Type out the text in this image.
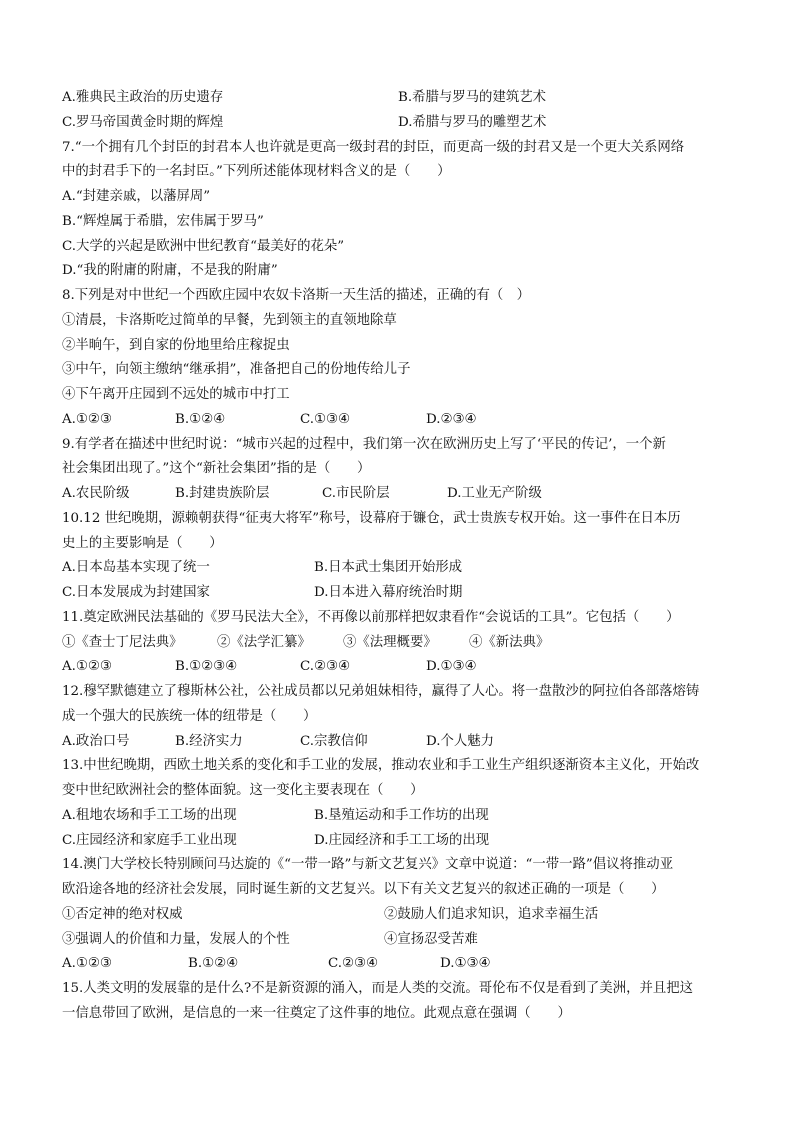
A.雅典民主政治的历史遗存	B.希腊与罗马的建筑艺术
C.罗马帝国黄金时期的辉煌	D.希腊与罗马的雕塑艺术
7.“一个拥有几个封臣的封君本人也许就是更高一级封君的封臣，而更高一级的封君又是一个更大关系网络
中的封君手下的一名封臣。”下列所述能体现材料含义的是（　　）
A.“封建亲戚，以藩屏周”
B.“辉煌属于希腊，宏伟属于罗马”
C.大学的兴起是欧洲中世纪教育“最美好的花朵”
D.“我的附庸的附庸，不是我的附庸”
8.下列是对中世纪一个西欧庄园中农奴卡洛斯一天生活的描述，正确的有（　）
①清晨，卡洛斯吃过简单的早餐，先到领主的直领地除草
②半晌午，到自家的份地里给庄稼捉虫
③中午，向领主缴纳“继承捐”，准备把自己的份地传给儿子
④下午离开庄园到不远处的城市中打工
A.①②③	B.①②④	C.①③④	D.②③④
9.有学者在描述中世纪时说：“城市兴起的过程中，我们第一次在欧洲历史上写了‘平民的传记’，一个新
社会集团出现了。”这个“新社会集团”指的是（　　）
A.农民阶级	B.封建贵族阶层	C.市民阶层	D.工业无产阶级
10.12 世纪晚期，源赖朝获得“征夷大将军”称号，设幕府于镰仓，武士贵族专权开始。这一事件在日本历
史上的主要影响是（　　）
A.日本岛基本实现了统一	B.日本武士集团开始形成
C.日本发展成为封建国家	D.日本进入幕府统治时期
11.奠定欧洲民法基础的《罗马民法大全》，不再像以前那样把奴隶看作“会说话的工具”。它包括（　　）
①《查士丁尼法典》	②《法学汇纂》 ③《法理概要》 ④《新法典》
A.①②③	B.①②③④	C.②③④	D.①③④
12.穆罕默德建立了穆斯林公社，公社成员都以兄弟姐妹相待，赢得了人心。将一盘散沙的阿拉伯各部落熔铸
成一个强大的民族统一体的纽带是（　　）
A.政治口号	B.经济实力	C.宗教信仰	D.个人魅力
13.中世纪晚期，西欧土地关系的变化和手工业的发展，推动农业和手工业生产组织逐渐资本主义化，开始改
变中世纪欧洲社会的整体面貌。这一变化主要表现在（　　）
A.租地农场和手工工场的出现	B.垦殖运动和手工作坊的出现
C.庄园经济和家庭手工业出现	D.庄园经济和手工工场的出现
14.澳门大学校长特别顾问马达旋的《“一带一路”与新文艺复兴》文章中说道：“一带一路”倡议将推动亚
欧沿途各地的经济社会发展，同时诞生新的文艺复兴。以下有关文艺复兴的叙述正确的一项是（　　）
①否定神的绝对权威	②鼓励人们追求知识，追求幸福生活
③强调人的价值和力量，发展人的个性	④宣扬忍受苦难
A.①②③	B.①②④	C.②③④	D.①③④
15.人类文明的发展靠的是什么?不是新资源的涌入，而是人类的交流。哥伦布不仅是看到了美洲，并且把这
一信息带回了欧洲，是信息的一来一往奠定了这件事的地位。此观点意在强调（　　）
